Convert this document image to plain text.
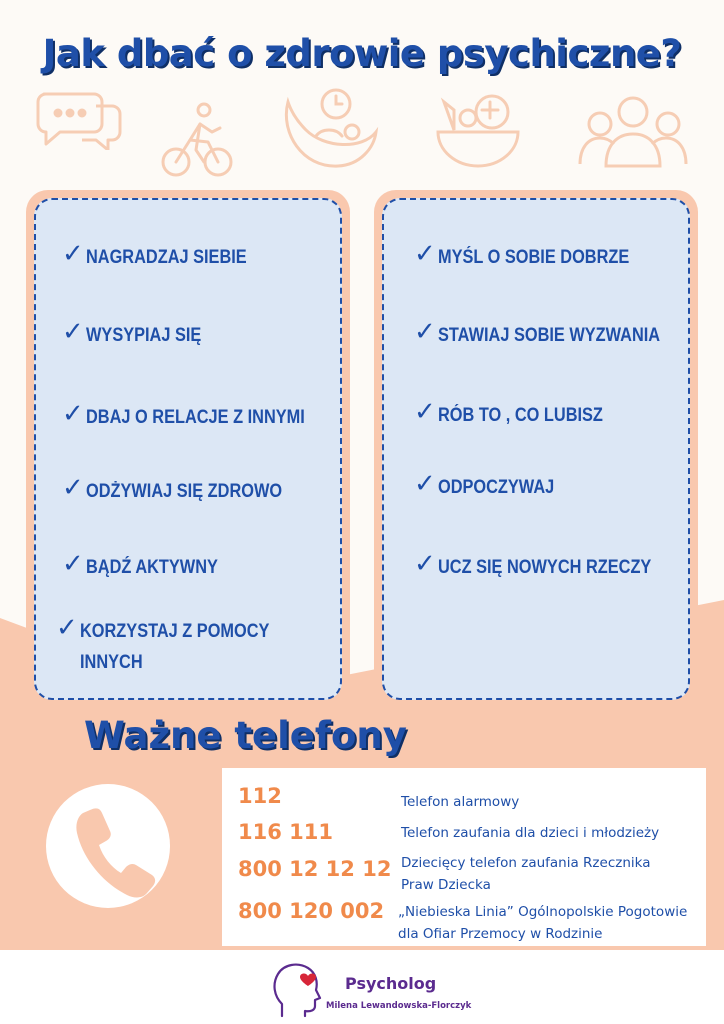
Jak dbać o zdrowie psychiczne?
✓ NAGRADZAJ SIEBIE
✓ WYSYPIAJ SIĘ
✓ DBAJ O RELACJE Z INNYMI
✓ ODŻYWIAJ SIĘ ZDROWO
✓ BĄDŹ AKTYWNY
✓ KORZYSTAJ Z POMOCY
INNYCH
✓ MYŚL O SOBIE DOBRZE
✓ STAWIAJ SOBIE WYZWANIA
✓ RÓB TO , CO LUBISZ
✓ ODPOCZYWAJ
✓ UCZ SIĘ NOWYCH RZECZY
Ważne telefony
112	Telefon alarmowy
116 111	Telefon zaufania dla dzieci i młodzieży
800 12 12 12 Dziecięcy telefon zaufania Rzecznika
Praw Dziecka
800 120 002 „Niebieska Linia” Ogólnopolskie Pogotowie
dla Ofiar Przemocy w Rodzinie
Psycholog
Milena Lewandowska-Florczyk
